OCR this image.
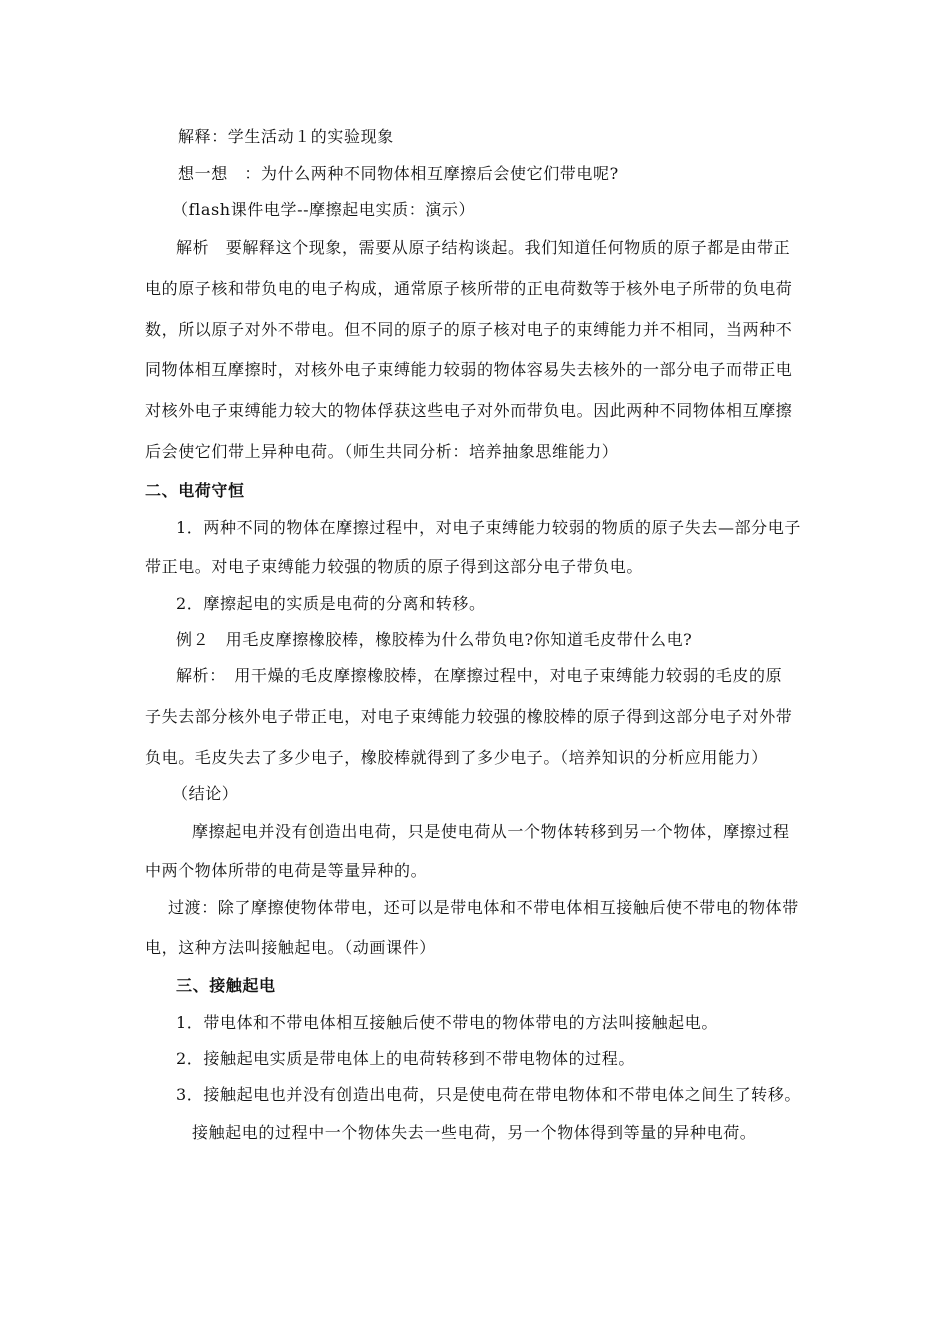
解释：学生活动１的实验现象
想一想　：为什么两种不同物体相互摩擦后会使它们带电呢?
（flash课件电学--摩擦起电实质：演示）
解析　要解释这个现象，需要从原子结构谈起。我们知道任何物质的原子都是由带正
电的原子核和带负电的电子构成，通常原子核所带的正电荷数等于核外电子所带的负电荷
数，所以原子对外不带电。但不同的原子的原子核对电子的束缚能力并不相同，当两种不
同物体相互摩擦时，对核外电子束缚能力较弱的物体容易失去核外的一部分电子而带正电
对核外电子束缚能力较大的物体俘获这些电子对外而带负电。因此两种不同物体相互摩擦
后会使它们带上异种电荷。（师生共同分析：培养抽象思维能力）
二、电荷守恒
1．两种不同的物体在摩擦过程中，对电子束缚能力较弱的物质的原子失去—部分电子
带正电。对电子束缚能力较强的物质的原子得到这部分电子带负电。
2．摩擦起电的实质是电荷的分离和转移。
例２　用毛皮摩擦橡胶棒，橡胶棒为什么带负电?你知道毛皮带什么电?
解析：　用干燥的毛皮摩擦橡胶棒，在摩擦过程中，对电子束缚能力较弱的毛皮的原
子失去部分核外电子带正电，对电子束缚能力较强的橡胶棒的原子得到这部分电子对外带
负电。毛皮失去了多少电子，橡胶棒就得到了多少电子。（培养知识的分析应用能力）
（结论）
摩擦起电并没有创造出电荷，只是使电荷从一个物体转移到另一个物体，摩擦过程
中两个物体所带的电荷是等量异种的。
过渡：除了摩擦使物体带电，还可以是带电体和不带电体相互接触后使不带电的物体带
电，这种方法叫接触起电。（动画课件）
三、接触起电
1．带电体和不带电体相互接触后使不带电的物体带电的方法叫接触起电。
2．接触起电实质是带电体上的电荷转移到不带电物体的过程。
3．接触起电也并没有创造出电荷，只是使电荷在带电物体和不带电体之间生了转移。
接触起电的过程中一个物体失去一些电荷，另一个物体得到等量的异种电荷。
